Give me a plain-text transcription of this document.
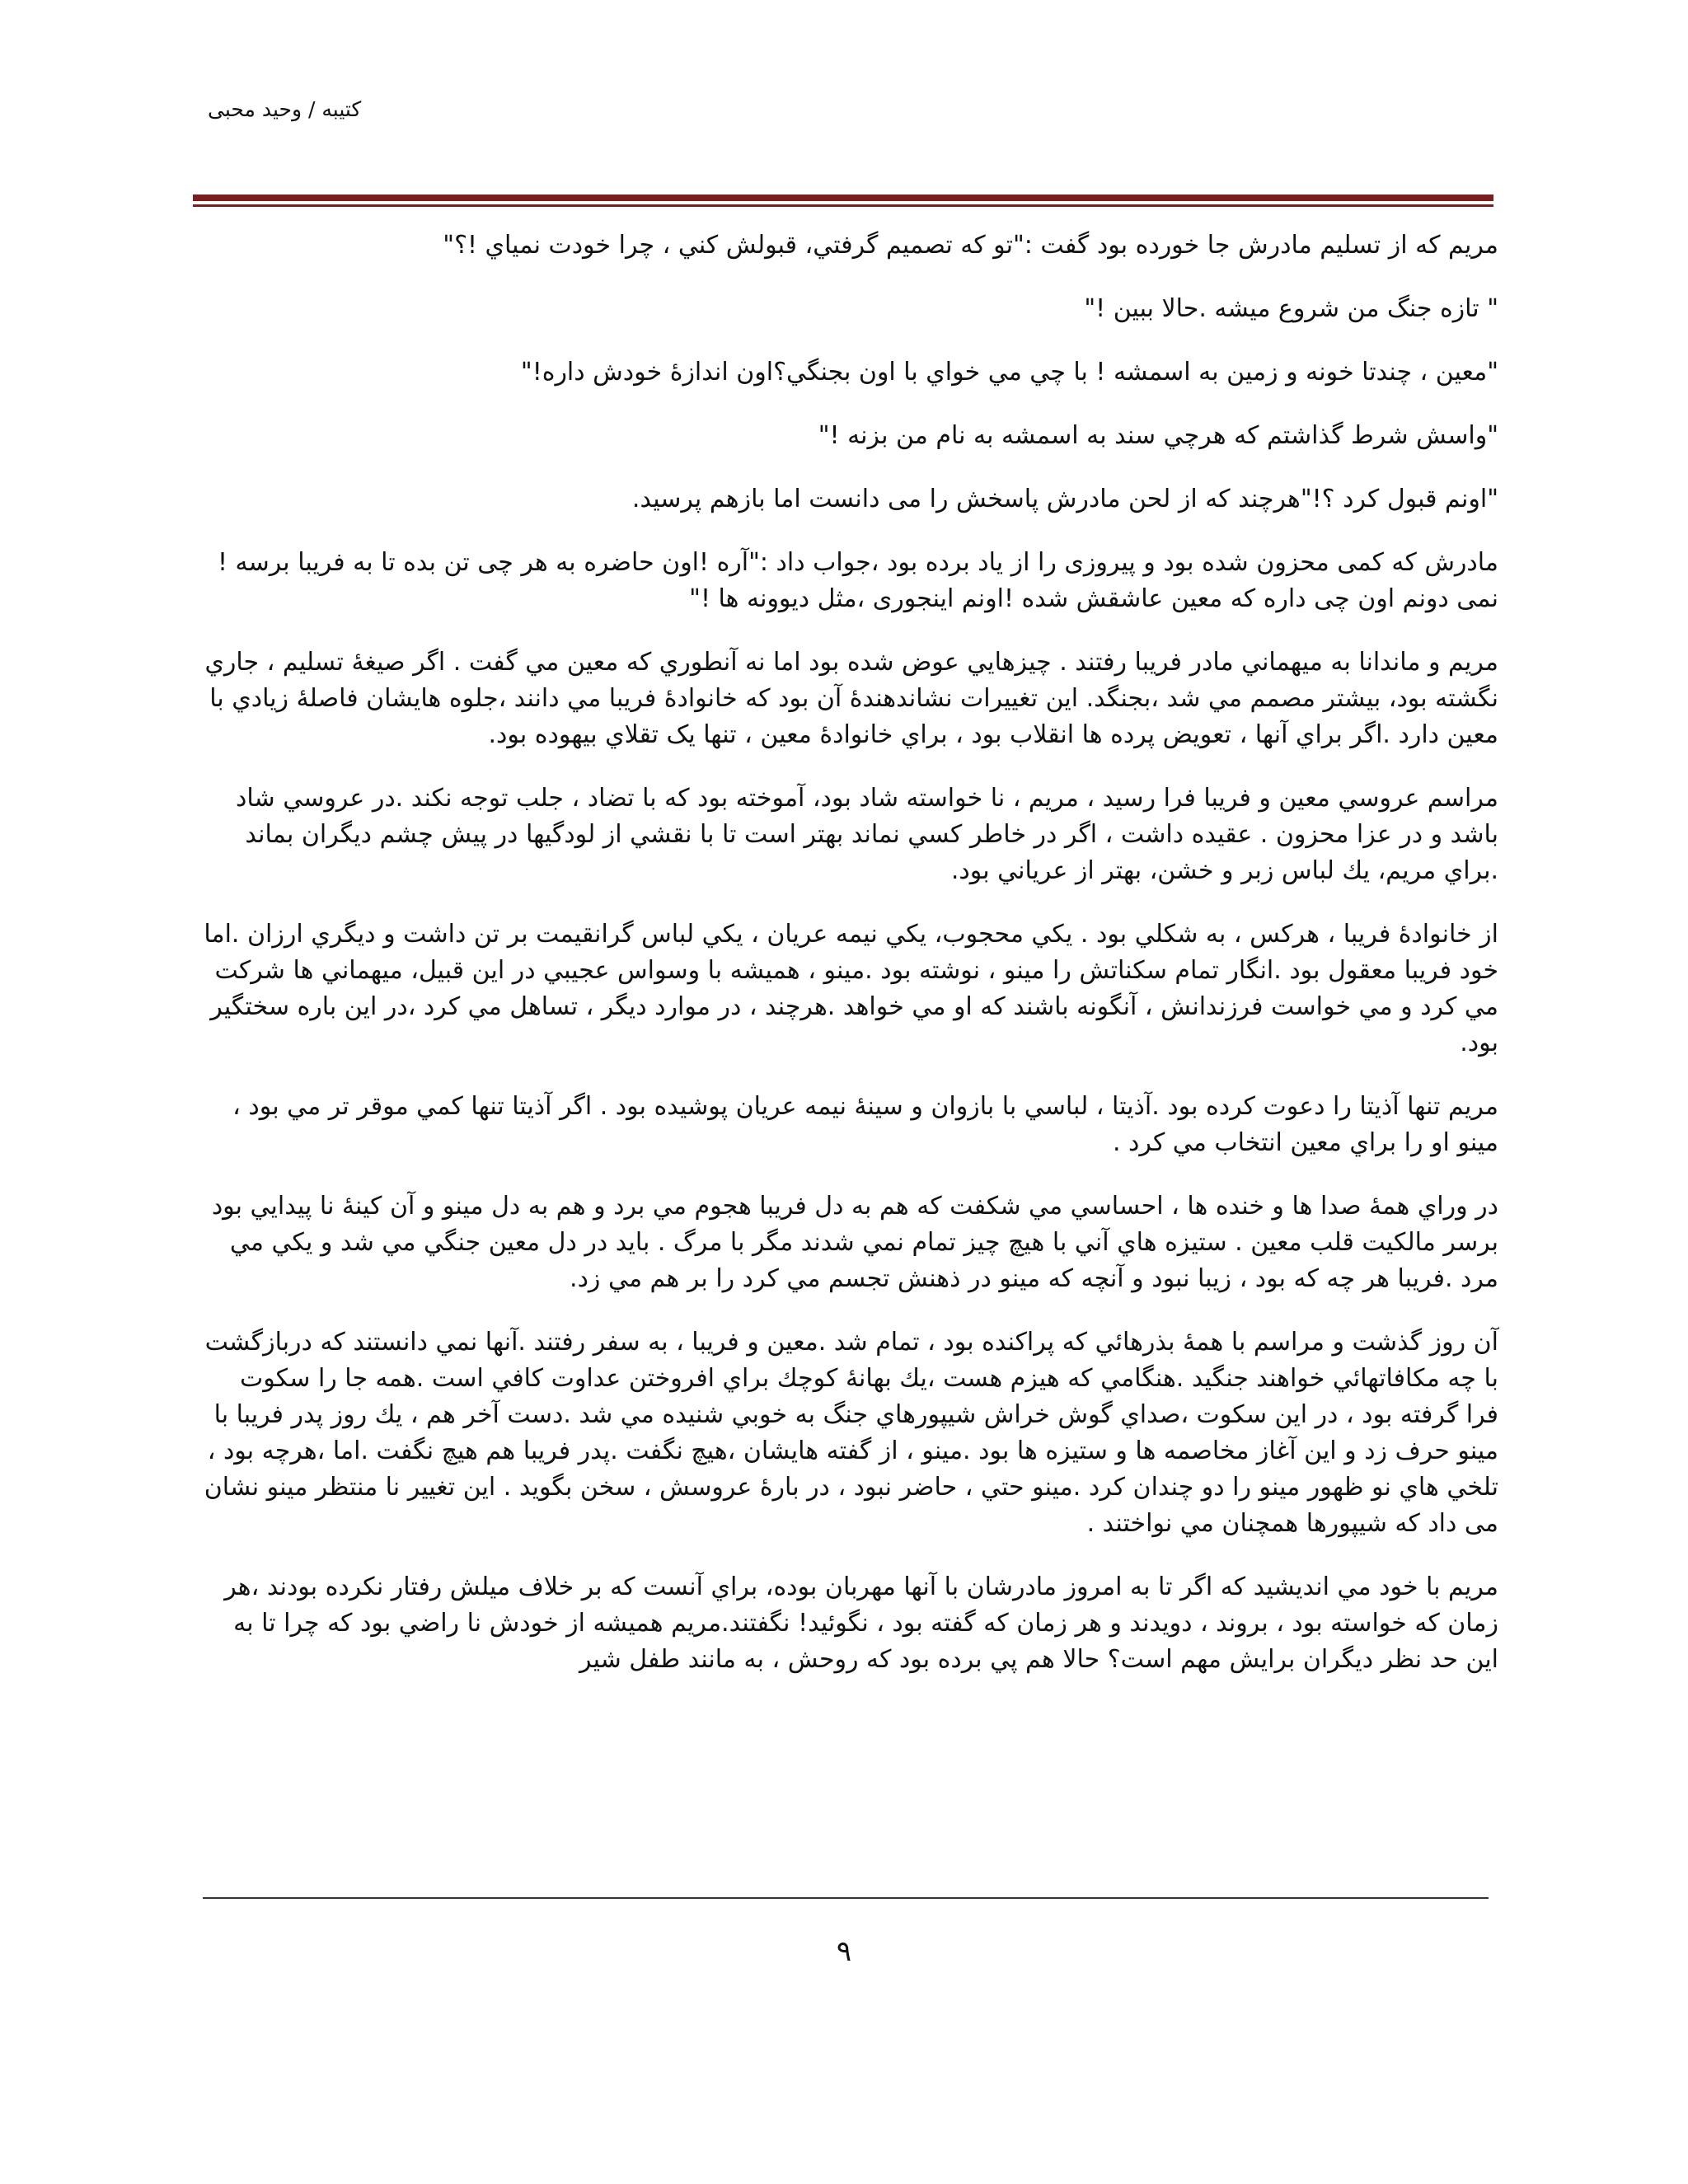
كتيبه / وحيد محبى

مريم كه از تسليم مادرش جا خورده بود گفت :"تو كه تصميم گرفتي، قبولش كني ، چرا خودت نمياي !؟"

" تازه جنگ من شروع ميشه .حالا ببين !"

"معين ، چندتا خونه و زمين به اسمشه ! با چي مي خواي با اون بجنگي؟اون اندازۀ خودش داره!"

"واسش شرط گذاشتم كه هرچي سند به اسمشه به نام من بزنه !"

"اونم قبول كرد ؟!"هرچند كه از لحن مادرش پاسخش را مى دانست اما بازهم پرسيد.

مادرش كه كمى محزون شده بود و پيروزى را از ياد برده بود ،جواب داد :"آره !اون حاضره به هر چى تن بده تا به فريبا برسه !نمى دونم اون چى داره كه معين عاشقش شده !اونم اينجورى ،مثل ديوونه ها !"

مريم و ماندانا به ميهماني مادر فريبا رفتند . چيزهايي عوض شده بود اما نه آنطوري كه معين مي گفت . اگر صيغۀ تسليم ، جاري نگشته بود، بيشتر مصمم مي شد ،بجنگد. اين تغييرات نشاندهندۀ آن بود كه خانوادۀ فريبا مي دانند ،جلوه هايشان فاصلۀ زيادي با معين دارد .اگر براي آنها ، تعويض پرده ها انقلاب بود ، براي خانوادۀ معين ، تنها يک تقلاي بيهوده بود.

مراسم عروسي معين و فريبا فرا رسيد ، مريم ، نا خواسته شاد بود، آموخته بود كه با تضاد ، جلب توجه نكند .در عروسي شاد باشد و در عزا محزون . عقيده داشت ، اگر در خاطر كسي نماند بهتر است تا با نقشي از لودگيها در پيش چشم ديگران بماند .براي مريم، يك لباس زبر و خشن، بهتر از عرياني بود.

از خانوادۀ فريبا ، هركس ، به شكلي بود . يكي محجوب، يكي نيمه عريان ، يكي لباس گرانقيمت بر تن داشت و ديگري ارزان .اما خود فريبا معقول بود .انگار تمام سكناتش را مينو ، نوشته بود .مينو ، هميشه با وسواس عجيبي در اين قبيل، ميهماني ها شركت مي كرد و مي خواست فرزندانش ، آنگونه باشند كه او مي خواهد .هرچند ، در موارد ديگر ، تساهل مي كرد ،در اين باره سختگير بود.

مريم تنها آذيتا را دعوت كرده بود .آذيتا ، لباسي با بازوان و سينۀ نيمه عريان پوشيده بود . اگر آذيتا تنها كمي موقر تر مي بود ، مينو او را براي معين انتخاب مي كرد .

در وراي همۀ صدا ها و خنده ها ، احساسي مي شكفت كه هم به دل فريبا هجوم مي برد و هم به دل مينو و آن كينۀ نا پيدايي بود برسر مالكيت قلب معين . ستيزه هاي آني با هيچ چيز تمام نمي شدند مگر با مرگ . بايد در دل معين جنگي مي شد و يكي مي مرد .فريبا هر چه كه بود ، زيبا نبود و آنچه كه مينو در ذهنش تجسم مي كرد را بر هم مي زد.

آن روز گذشت و مراسم با همۀ بذرهائي كه پراكنده بود ، تمام شد .معين و فريبا ، به سفر رفتند .آنها نمي دانستند كه دربازگشت با چه مكافاتهائي خواهند جنگيد .هنگامي كه هيزم هست ،يك بهانۀ كوچك براي افروختن عداوت كافي است .همه جا را سكوت فرا گرفته بود ، در اين سكوت ،صداي گوش خراش شيپورهاي جنگ به خوبي شنيده مي شد .دست آخر هم ، يك روز پدر فريبا با مينو حرف زد و اين آغاز مخاصمه ها و ستيزه ها بود .مينو ، از گفته هايشان ،هيچ نگفت .پدر فريبا هم هيچ نگفت .اما ،هرچه بود ، تلخي هاي نو ظهور مينو را دو چندان كرد .مينو حتي ، حاضر نبود ، در بارۀ عروسش ، سخن بگويد . اين تغيير نا منتظر مينو نشان مى داد كه شيپورها همچنان مي نواختند .

مريم با خود مي انديشيد كه اگر تا به امروز مادرشان با آنها مهربان بوده، براي آنست كه بر خلاف ميلش رفتار نكرده بودند ،هر زمان كه خواسته بود ، بروند ، دويدند و هر زمان كه گفته بود ، نگوئيد! نگفتند.مريم هميشه از خودش نا راضي بود كه چرا تا به اين حد نظر ديگران برايش مهم است؟ حالا هم پي برده بود كه روحش ، به مانند طفل شير

٩
